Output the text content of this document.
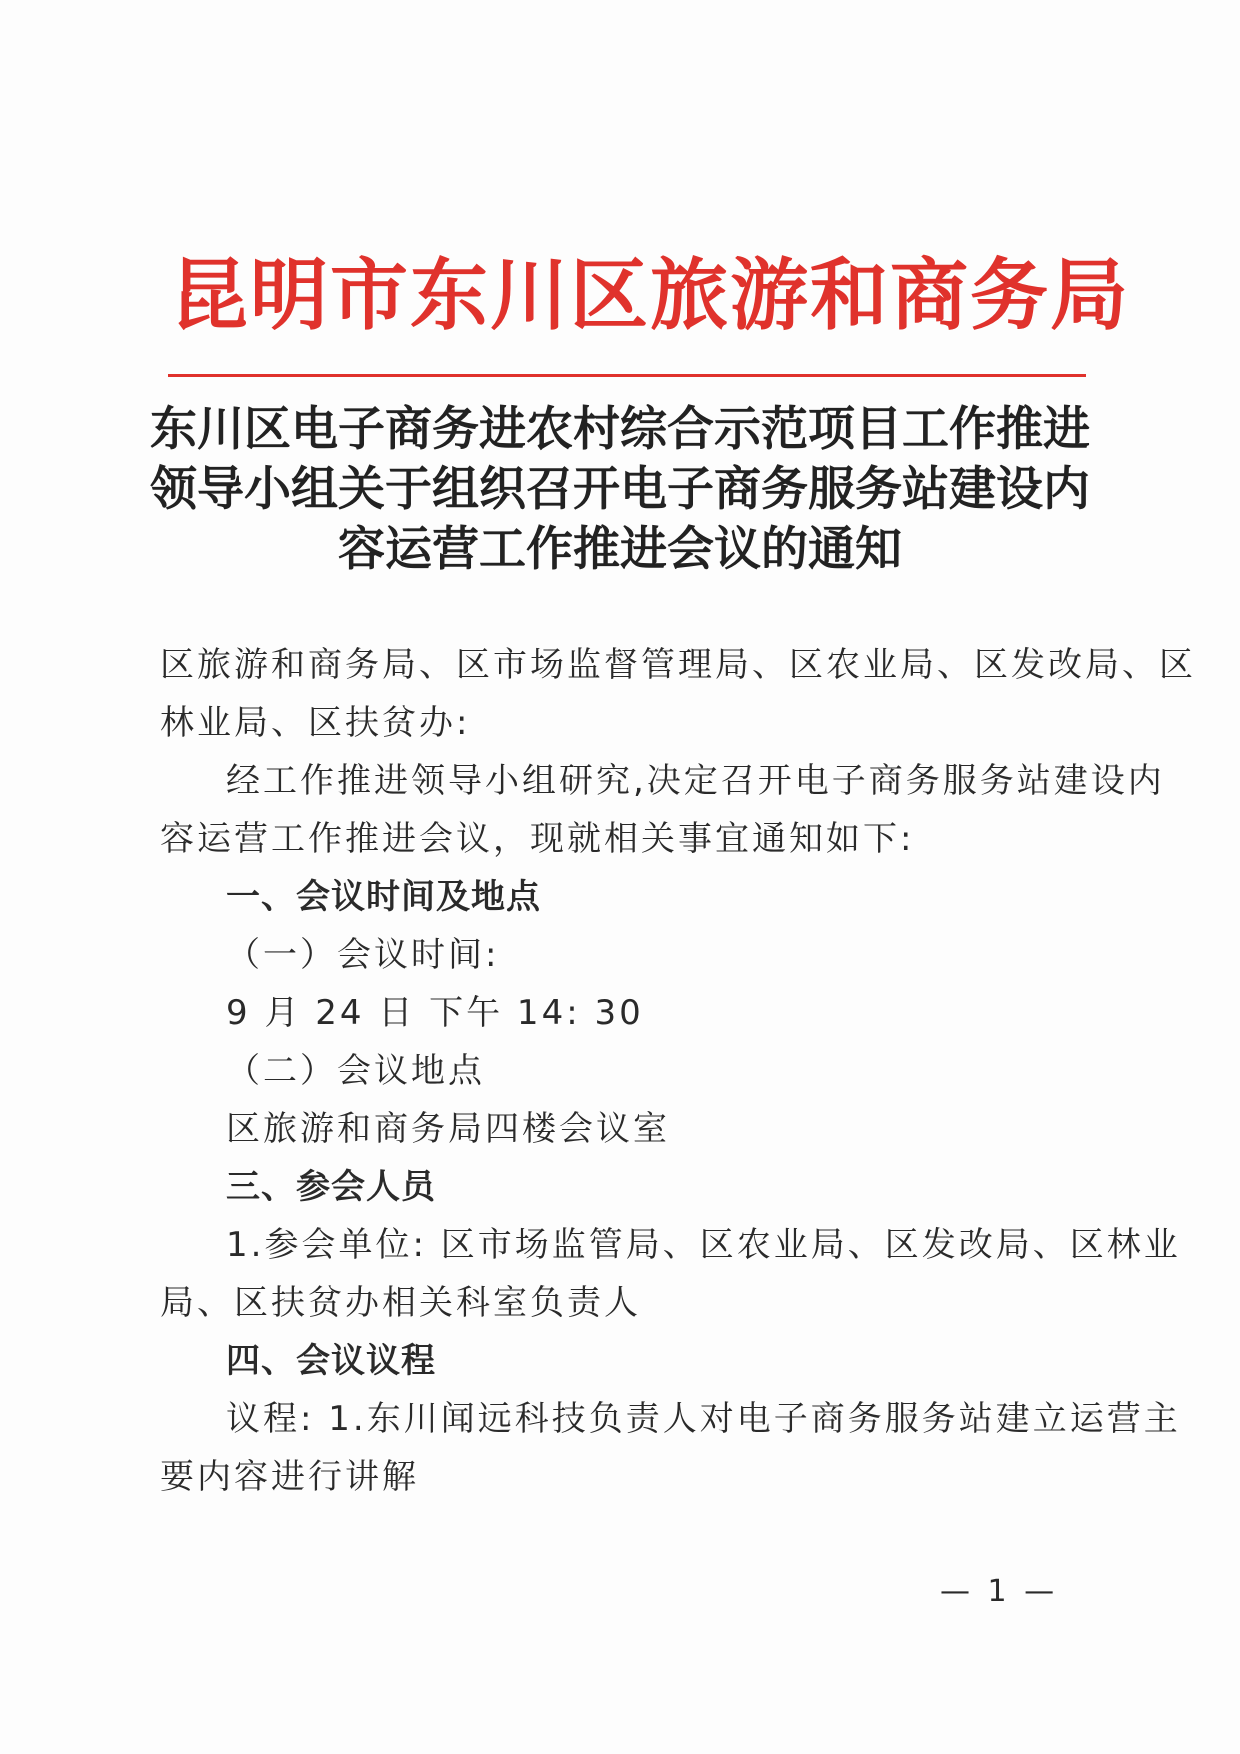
昆明市东川区旅游和商务局
东川区电子商务进农村综合示范项目工作推进
领导小组关于组织召开电子商务服务站建设内
容运营工作推进会议的通知
区旅游和商务局、区市场监督管理局、区农业局、区发改局、区
林业局、区扶贫办:
经工作推进领导小组研究,决定召开电子商务服务站建设内
容运营工作推进会议，现就相关事宜通知如下:
一、会议时间及地点
（一）会议时间:
9 月 24 日 下午 14: 30
（二）会议地点
区旅游和商务局四楼会议室
三、参会人员
1.参会单位: 区市场监管局、区农业局、区发改局、区林业
局、区扶贫办相关科室负责人
四、会议议程
议程: 1.东川闻远科技负责人对电子商务服务站建立运营主
要内容进行讲解
— 1 —
